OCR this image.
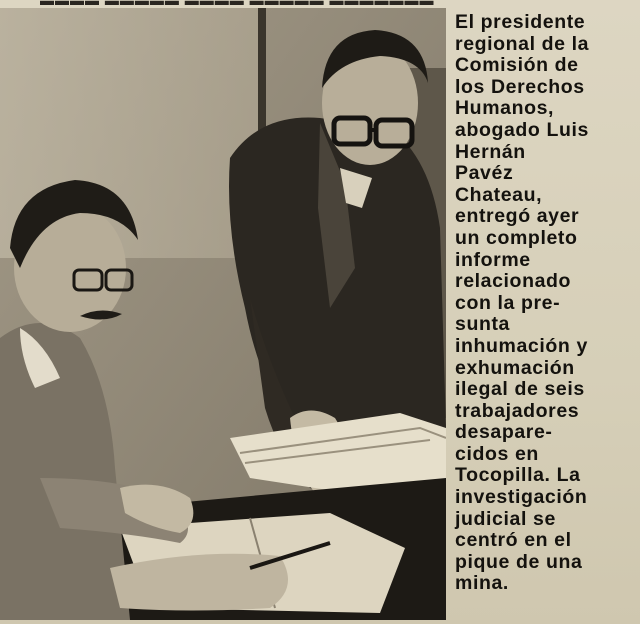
▬▬▬▬ ▬▬▬▬▬ ▬▬▬▬ ▬▬▬▬▬ ▬▬▬▬▬▬▬
El presidente
regional de la
Comisión de
los Derechos
Humanos,
abogado Luis
Hernán
Pavéz
Chateau,
entregó ayer
un completo
informe
relacionado
con la pre-
sunta
inhumación y
exhumación
ilegal de seis
trabajadores
desapare-
cidos en
Tocopilla. La
investigación
judicial se
centró en el
pique de una
mina.
